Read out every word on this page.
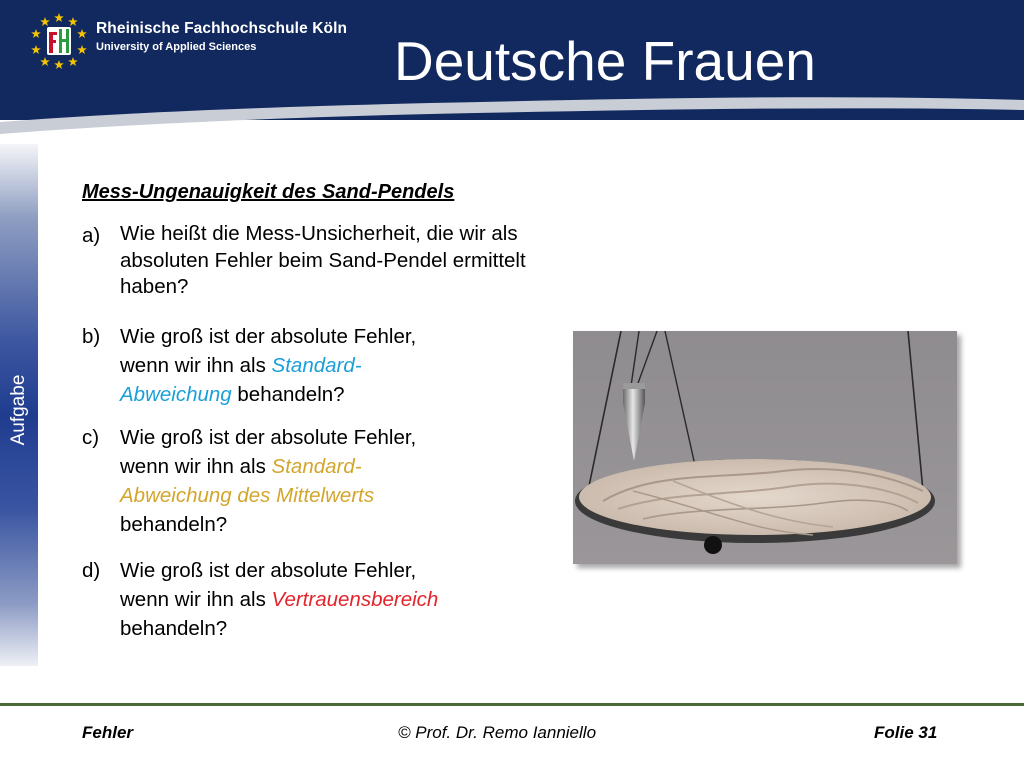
Rheinische Fachhochschule Köln
University of Applied Sciences	Deutsche Frauen
Aufgabe
Mess-Ungenauigkeit des Sand-Pendels
a) Wie heißt die Mess-Unsicherheit, die wir als
absoluten Fehler beim Sand-Pendel ermittelt
haben?
b) Wie groß ist der absolute Fehler,
wenn wir ihn als Standard-
Abweichung behandeln?
c) Wie groß ist der absolute Fehler,
wenn wir ihn als Standard-
Abweichung des Mittelwerts
behandeln?
d) Wie groß ist der absolute Fehler,
wenn wir ihn als Vertrauensbereich
behandeln?
Fehler	© Prof. Dr. Remo Ianniello	Folie 31
